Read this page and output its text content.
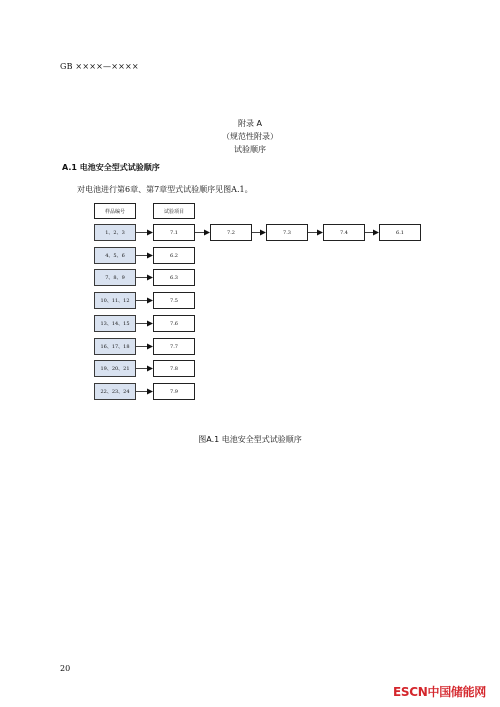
GB ××××—××××
附录 A
（规范性附录）
试验顺序
A.1 电池安全型式试验顺序
对电池进行第6章、第7章型式试验顺序见图A.1。
样品编号	试验项目
1、2、3	7.1	7.2	7.3	7.4	6.1
4、5、6	6.2
7、8、9	6.3
10、11、12	7.5
13、14、15	7.6
16、17、18	7.7
19、20、21	7.8
22、23、24	7.9
图A.1 电池安全型式试验顺序
20
ESCN中国储能网
